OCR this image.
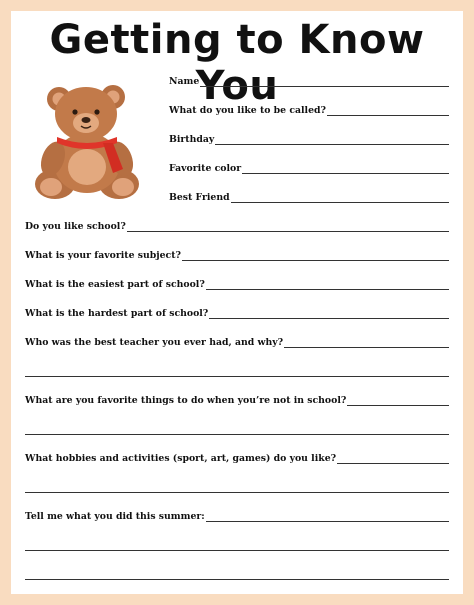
Getting to Know You
Name
What do you like to be called?
Birthday
Favorite color
Best Friend
Do you like school?
What is your favorite subject?
What is the easiest part of school?
What is the hardest part of school?
Who was the best teacher you ever had, and why?
What are you favorite things to do when you’re not in school?
What hobbies and activities (sport, art, games) do you like?
Tell me what you did this summer:
